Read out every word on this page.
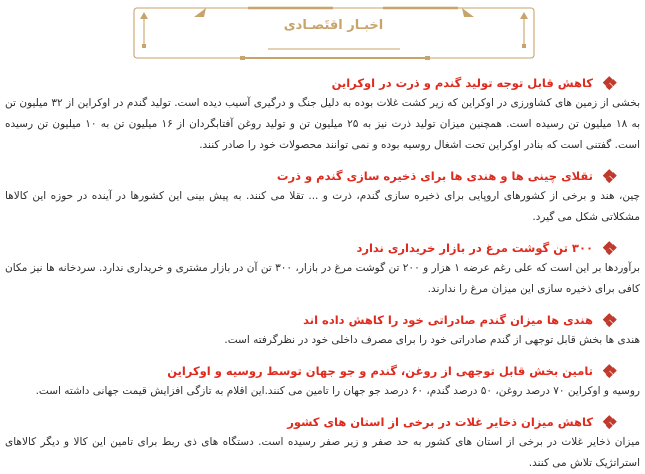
اخبـار اقتَصـادی
کاهش قابل توجه تولید گندم و ذرت در اوکراین

بخشی از زمین های کشاورزی در اوکراین که زیر کشت غلات بوده به دلیل جنگ و درگیری آسیب دیده است. تولید گندم در اوکراین از ۳۲ میلیون تن به ۱۸ میلیون تن رسیده است. همچنین میزان تولید ذرت نیز به ۲۵ میلیون تن و تولید روغن آفتابگردان از ۱۶ میلیون تن به ۱۰ میلیون تن رسیده است. گفتنی است که بنادر اوکراین تحت اشغال روسیه بوده و نمی توانند محصولات خود را صادر کنند.

تقلای چینی ها و هندی ها برای ذخیره سازی گندم و ذرت

چین، هند و برخی از کشورهای اروپایی برای ذخیره سازی گندم، ذرت و ... تقلا می کنند. به پیش بینی این کشورها در آینده در حوزه این کالاها مشکلاتی شکل می گیرد.

۳۰۰ تن گوشت مرغ در بازار خریداری ندارد

برآوردها بر این است که علی رغم عرضه ۱ هزار و ۲۰۰ تن گوشت مرغ در بازار، ۳۰۰ تن آن در بازار مشتری و خریداری ندارد. سردخانه ها نیز مکان کافی برای ذخیره سازی این میزان مرغ را ندارند.

هندی ها میزان گندم صادراتی خود را کاهش داده اند

هندی ها بخش قابل توجهی از گندم صادراتی خود را برای مصرف داخلی خود در نظرگرفته است.

تامین بخش قابل توجهی از روغن، گندم و جو جهان توسط روسیه و اوکراین

روسیه و اوکراین ۷۰ درصد روغن، ۵۰ درصد گندم، ۶۰ درصد جو جهان را تامین می کنند.این اقلام به تازگی افزایش قیمت جهانی داشته است.

کاهش میزان ذخایر غلات در برخی از استان های کشور

میزان ذخایر غلات در برخی از استان های کشور به حد صفر و زیر صفر رسیده است. دستگاه های ذی ربط برای تامین این کالا و دیگر کالاهای استراتژیک تلاش می کنند.
